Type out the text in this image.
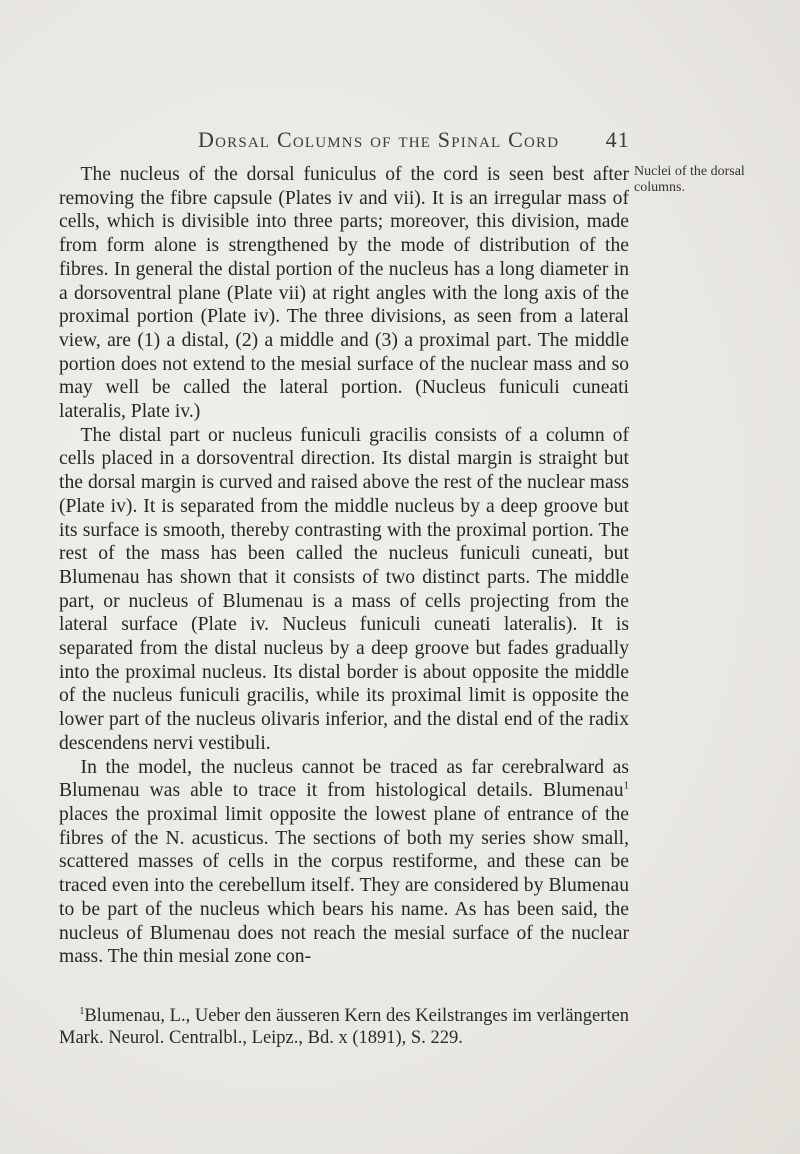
Dorsal Columns of the Spinal Cord 41
Nuclei of the dorsal columns.

The nucleus of the dorsal funiculus of the cord is seen best after removing the fibre capsule (Plates iv and vii). It is an irregular mass of cells, which is divisible into three parts; moreover, this division, made from form alone is strengthened by the mode of distribution of the fibres. In general the distal portion of the nucleus has a long diameter in a dorsoventral plane (Plate vii) at right angles with the long axis of the proximal portion (Plate iv). The three divisions, as seen from a lateral view, are (1) a distal, (2) a middle and (3) a proximal part. The middle portion does not extend to the mesial surface of the nuclear mass and so may well be called the lateral portion. (Nucleus funiculi cuneati lateralis, Plate iv.)

The distal part or nucleus funiculi gracilis consists of a column of cells placed in a dorsoventral direction. Its distal margin is straight but the dorsal margin is curved and raised above the rest of the nuclear mass (Plate iv). It is separated from the middle nucleus by a deep groove but its surface is smooth, thereby contrasting with the proximal portion. The rest of the mass has been called the nucleus funiculi cuneati, but Blumenau has shown that it consists of two distinct parts. The middle part, or nucleus of Blumenau is a mass of cells projecting from the lateral surface (Plate iv. Nucleus funiculi cuneati lateralis). It is separated from the distal nucleus by a deep groove but fades gradually into the proximal nucleus. Its distal border is about opposite the middle of the nucleus funiculi gracilis, while its proximal limit is opposite the lower part of the nucleus olivaris inferior, and the distal end of the radix descendens nervi vestibuli.

In the model, the nucleus cannot be traced as far cerebralward as Blumenau was able to trace it from histological details. Blumenau$^1$ places the proximal limit opposite the lowest plane of entrance of the fibres of the N. acusticus. The sections of both my series show small, scattered masses of cells in the corpus restiforme, and these can be traced even into the cerebellum itself. They are considered by Blumenau to be part of the nucleus which bears his name. As has been said, the nucleus of Blumenau does not reach the mesial surface of the nuclear mass. The thin mesial zone con-

$^1$Blumenau, L., Ueber den äusseren Kern des Keilstranges im verlängerten Mark. Neurol. Centralbl., Leipz., Bd. x (1891), S. 229.
